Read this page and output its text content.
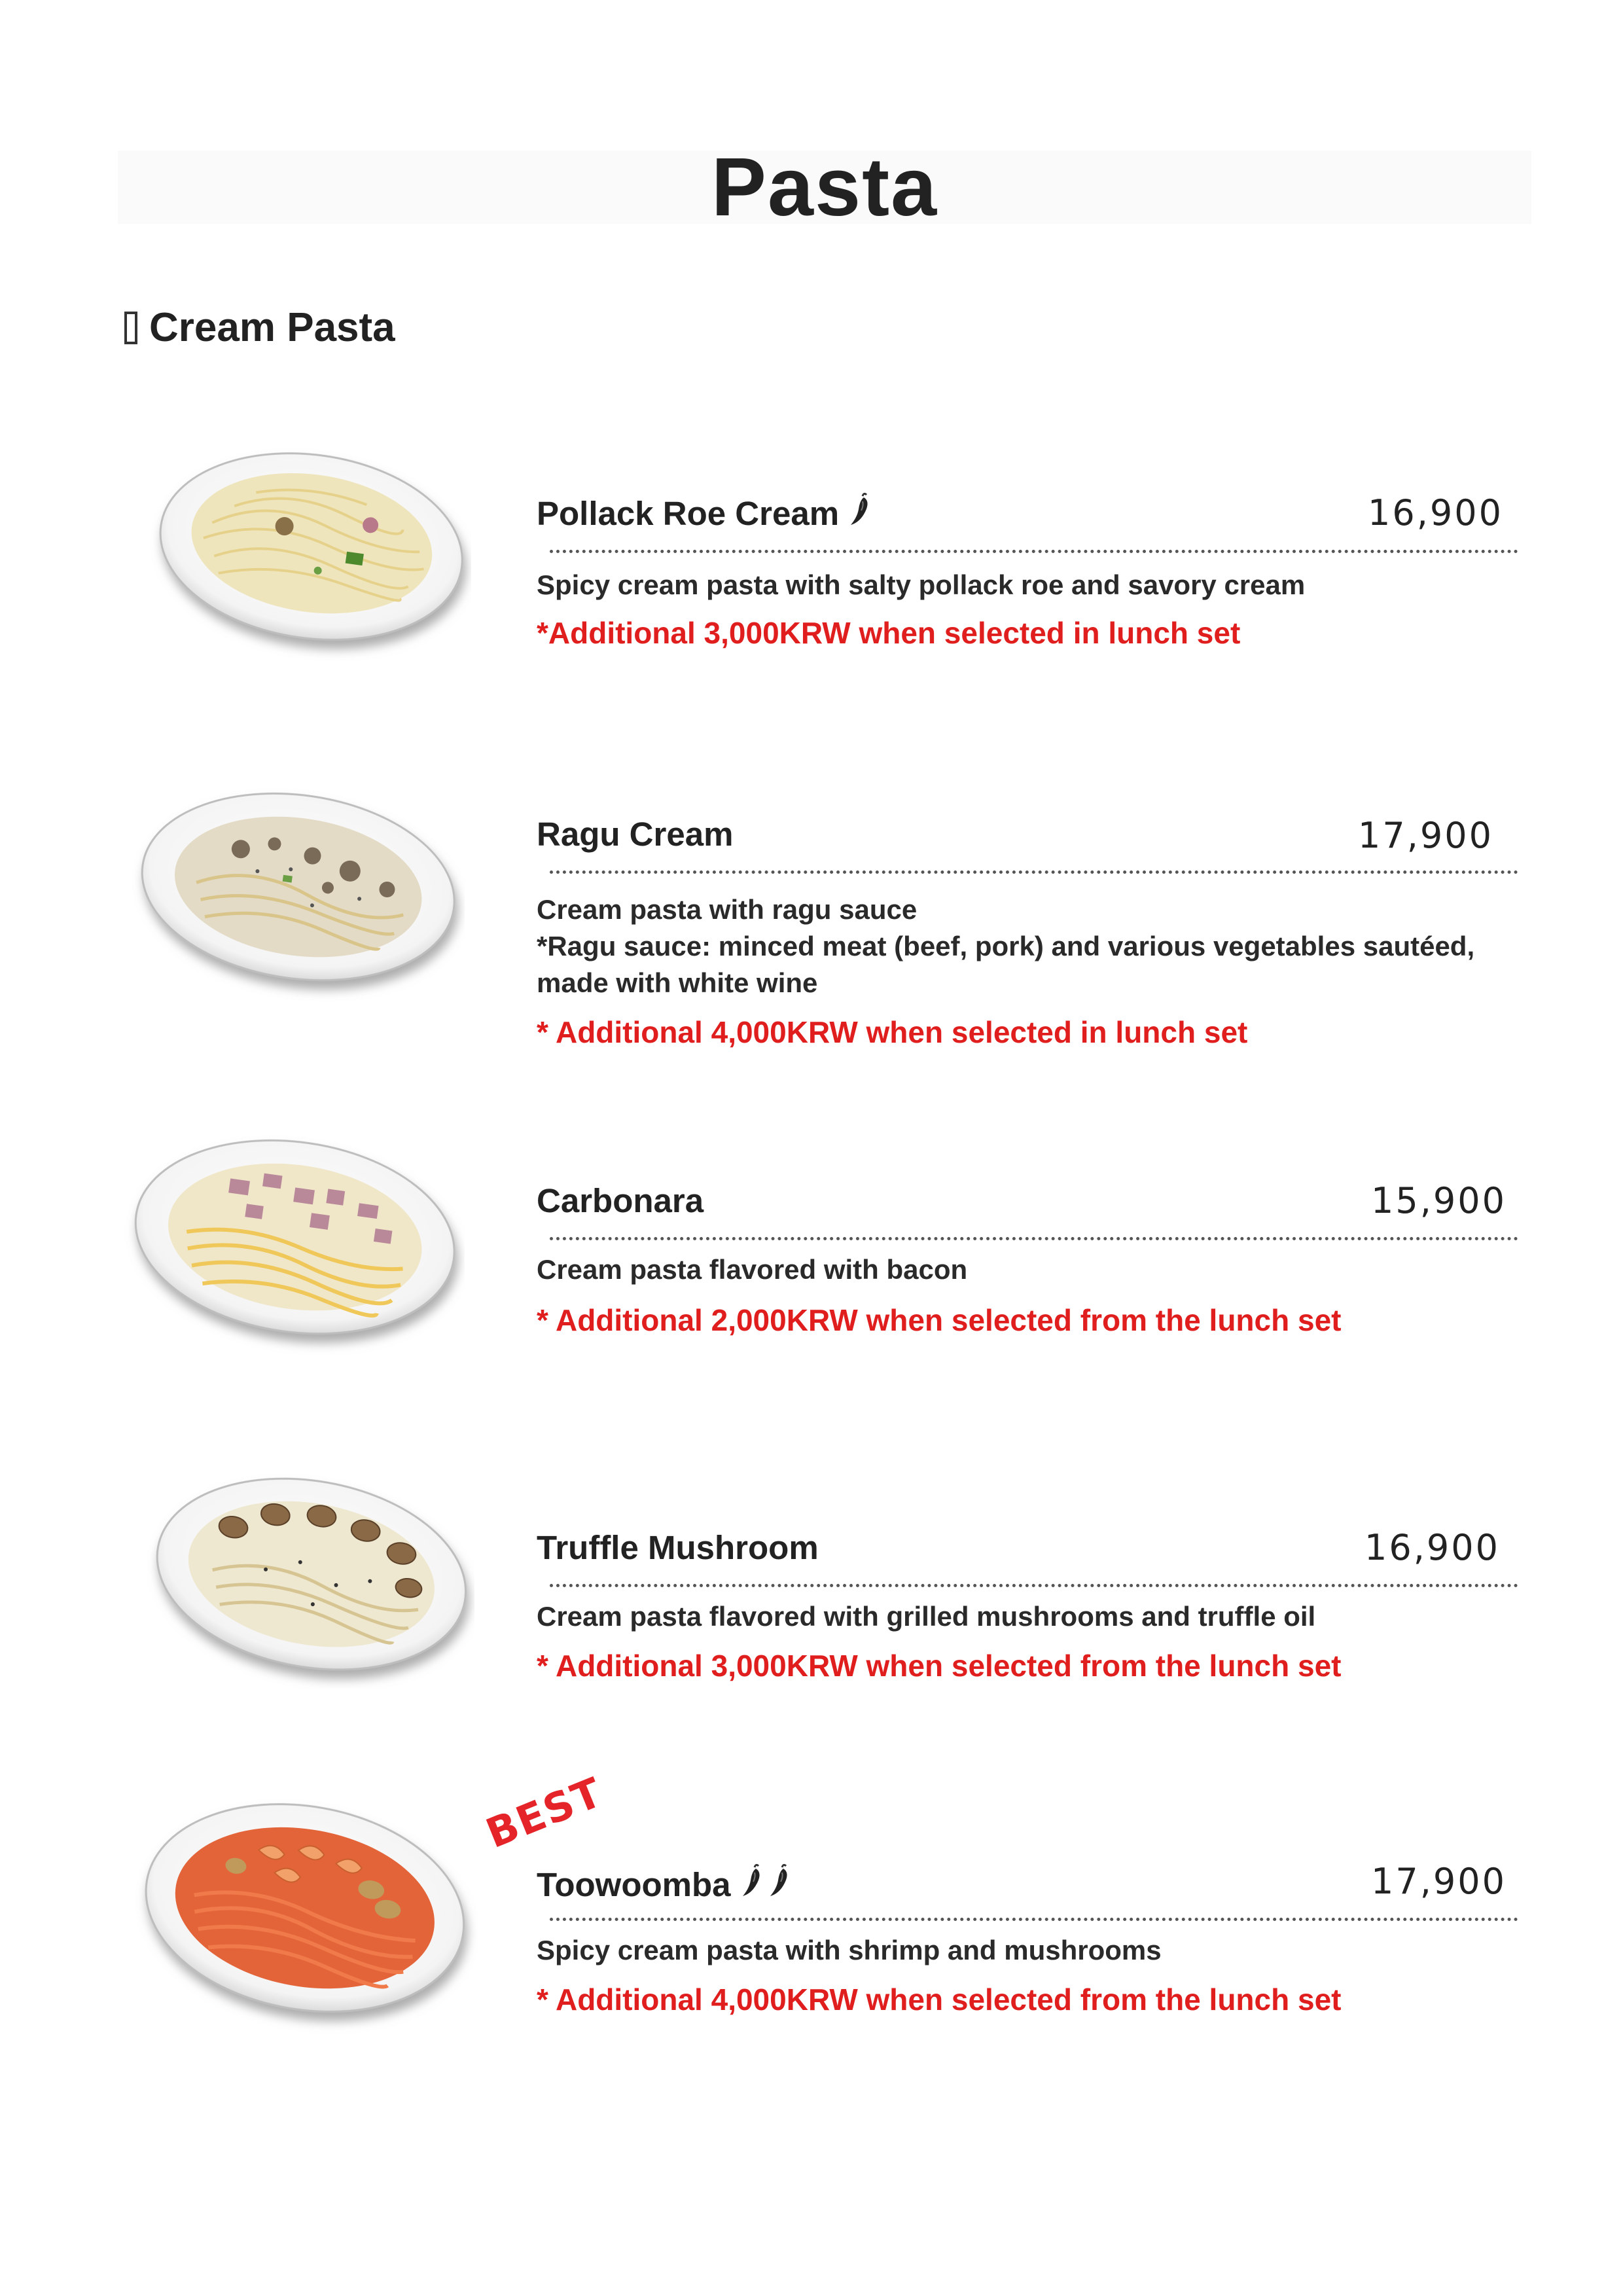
Pasta
Cream Pasta
Pollack Roe Cream	16,900
Spicy cream pasta with salty pollack roe and savory cream
*Additional 3,000KRW when selected in lunch set
Ragu Cream	17,900
Cream pasta with ragu sauce
*Ragu sauce: minced meat (beef, pork) and various vegetables sautéed,
made with white wine
* Additional 4,000KRW when selected in lunch set
Carbonara	15,900
Cream pasta flavored with bacon
* Additional 2,000KRW when selected from the lunch set
Truffle Mushroom	16,900
Cream pasta flavored with grilled mushrooms and truffle oil
* Additional 3,000KRW when selected from the lunch set
BEST
Toowoomba	17,900
Spicy cream pasta with shrimp and mushrooms
* Additional 4,000KRW when selected from the lunch set
